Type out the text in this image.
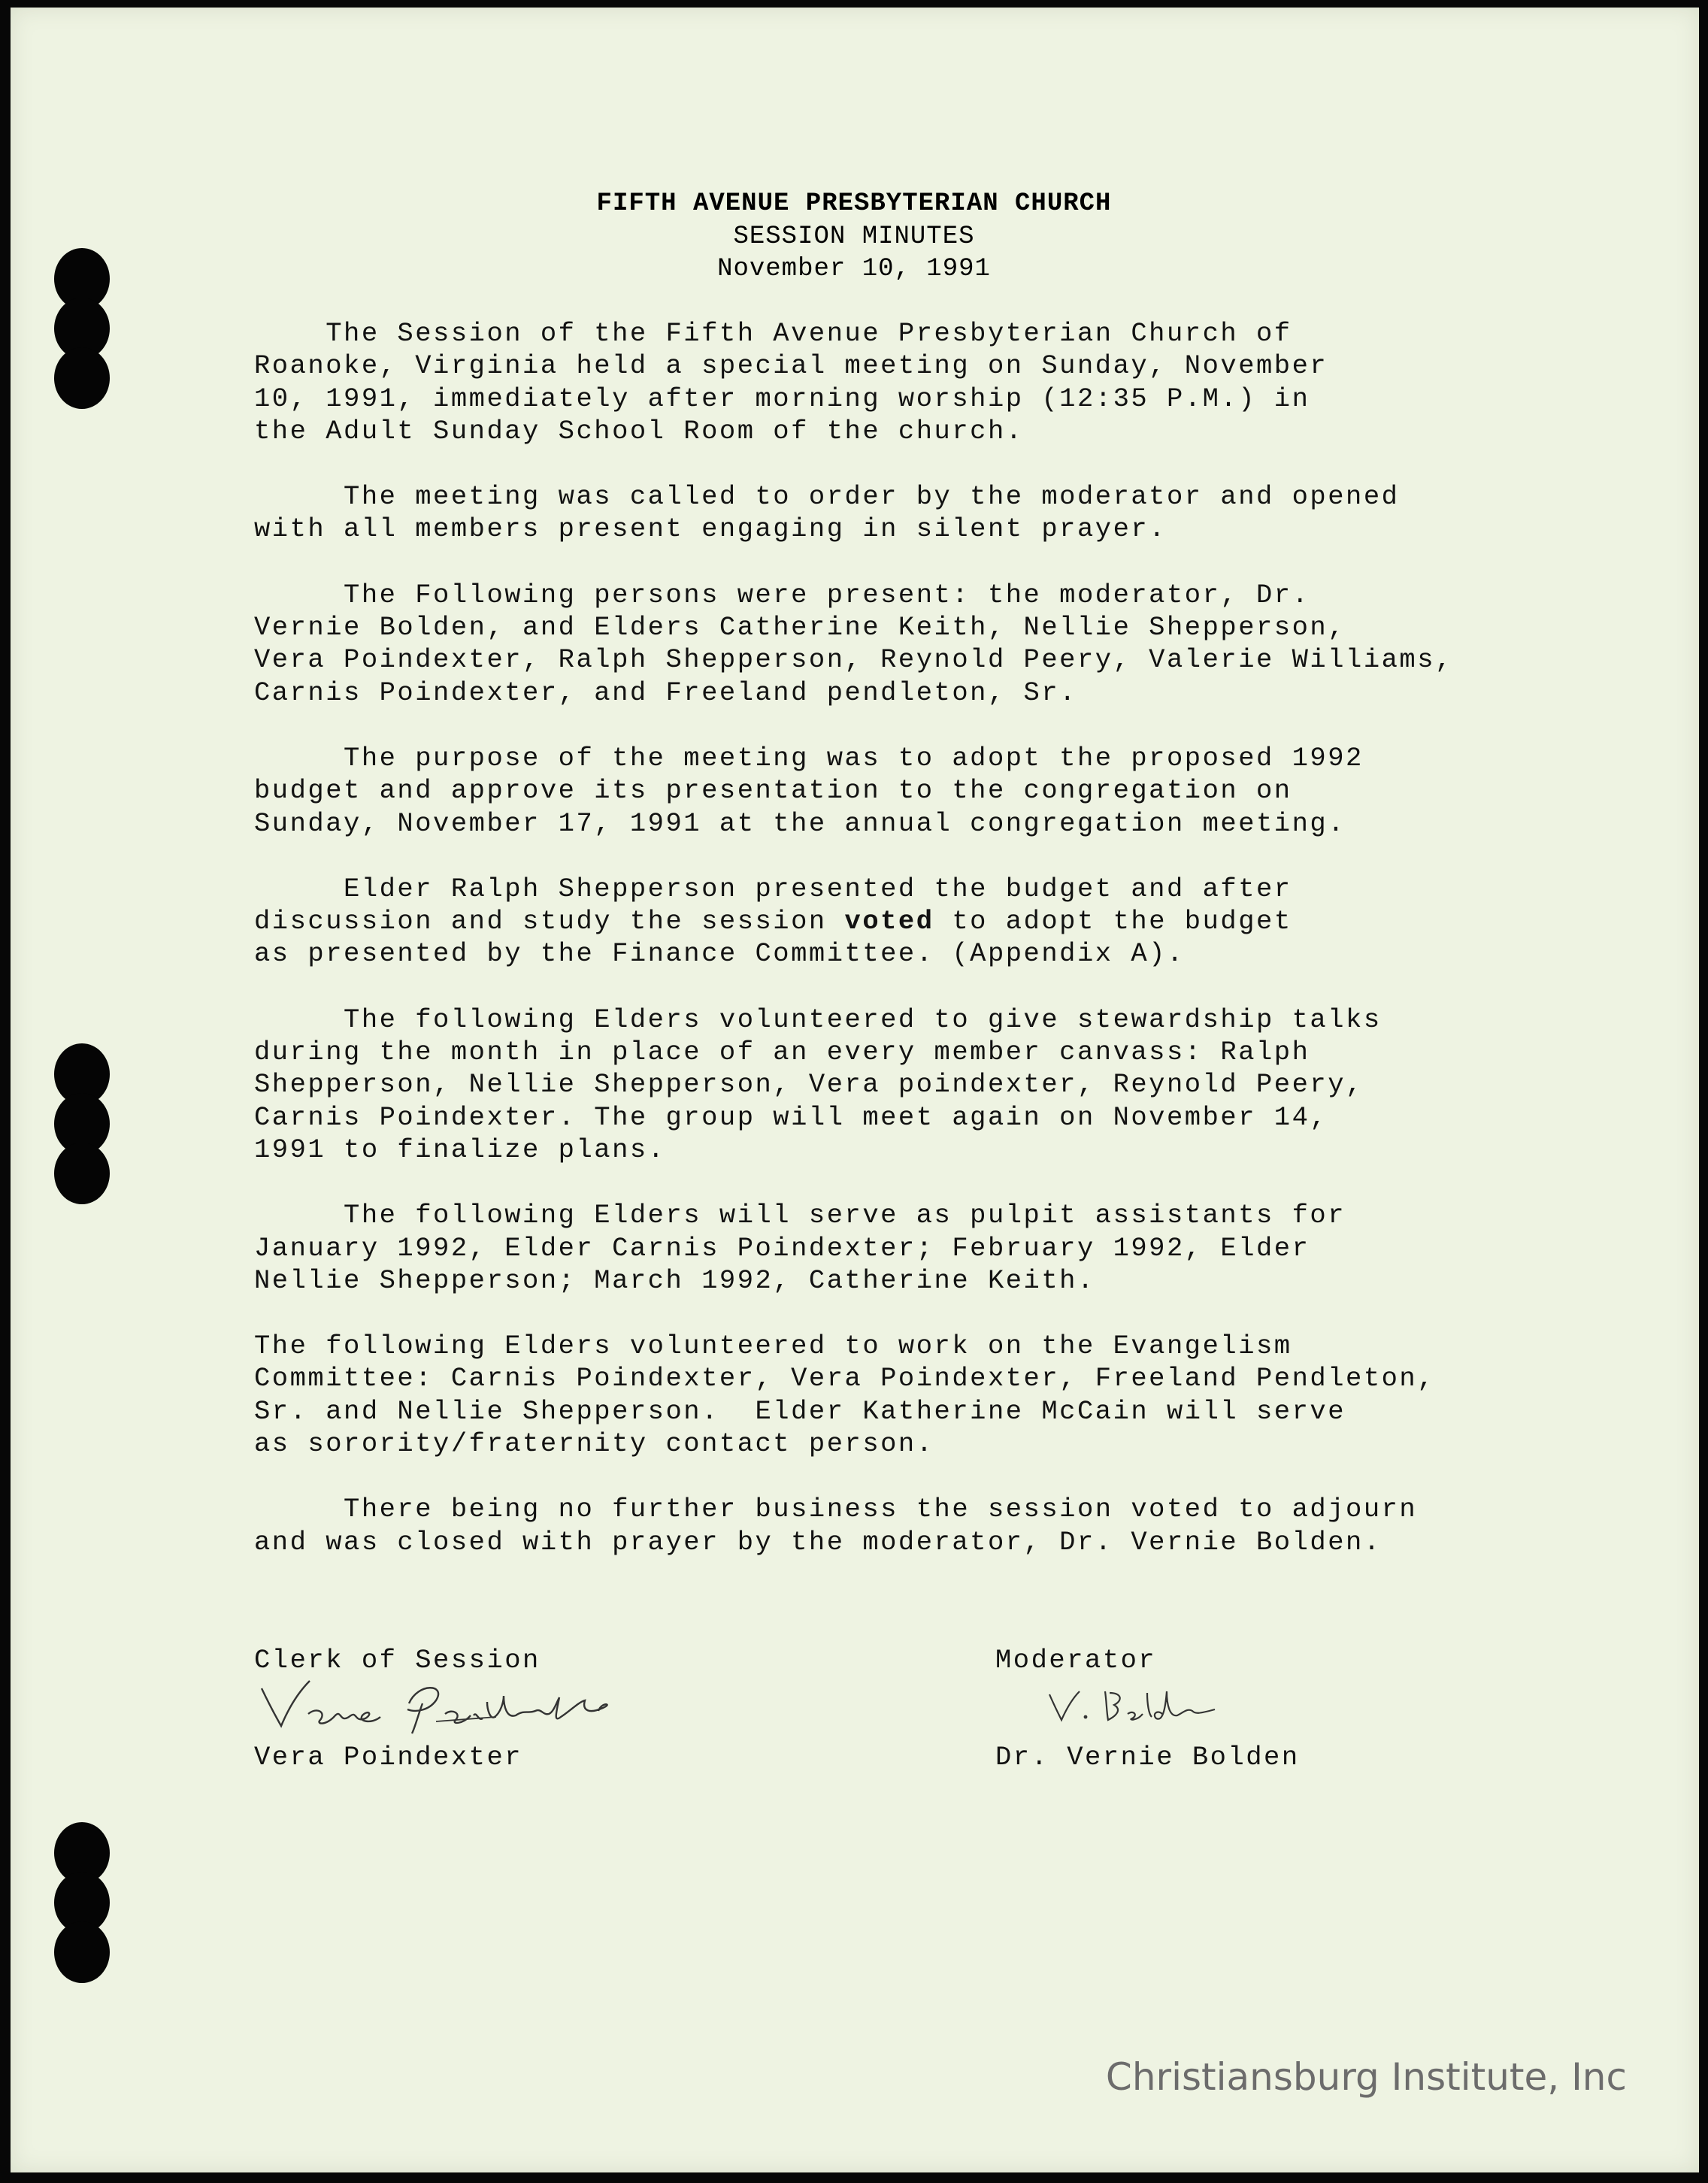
FIFTH AVENUE PRESBYTERIAN CHURCH
SESSION MINUTES
November 10, 1991
The Session of the Fifth Avenue Presbyterian Church of
Roanoke, Virginia held a special meeting on Sunday, November
10, 1991, immediately after morning worship (12:35 P.M.) in
the Adult Sunday School Room of the church.
The meeting was called to order by the moderator and opened
with all members present engaging in silent prayer.
The Following persons were present: the moderator, Dr.
Vernie Bolden, and Elders Catherine Keith, Nellie Shepperson,
Vera Poindexter, Ralph Shepperson, Reynold Peery, Valerie Williams,
Carnis Poindexter, and Freeland pendleton, Sr.
The purpose of the meeting was to adopt the proposed 1992
budget and approve its presentation to the congregation on
Sunday, November 17, 1991 at the annual congregation meeting.
Elder Ralph Shepperson presented the budget and after
discussion and study the session voted to adopt the budget
as presented by the Finance Committee. (Appendix A).
The following Elders volunteered to give stewardship talks
during the month in place of an every member canvass: Ralph
Shepperson, Nellie Shepperson, Vera poindexter, Reynold Peery,
Carnis Poindexter. The group will meet again on November 14,
1991 to finalize plans.
The following Elders will serve as pulpit assistants for
January 1992, Elder Carnis Poindexter; February 1992, Elder
Nellie Shepperson; March 1992, Catherine Keith.
The following Elders volunteered to work on the Evangelism
Committee: Carnis Poindexter, Vera Poindexter, Freeland Pendleton,
Sr. and Nellie Shepperson.  Elder Katherine McCain will serve
as sorority/fraternity contact person.
There being no further business the session voted to adjourn
and was closed with prayer by the moderator, Dr. Vernie Bolden.
Clerk of Session
Vera Poindexter
Moderator
Dr. Vernie Bolden
Christiansburg Institute, Inc
